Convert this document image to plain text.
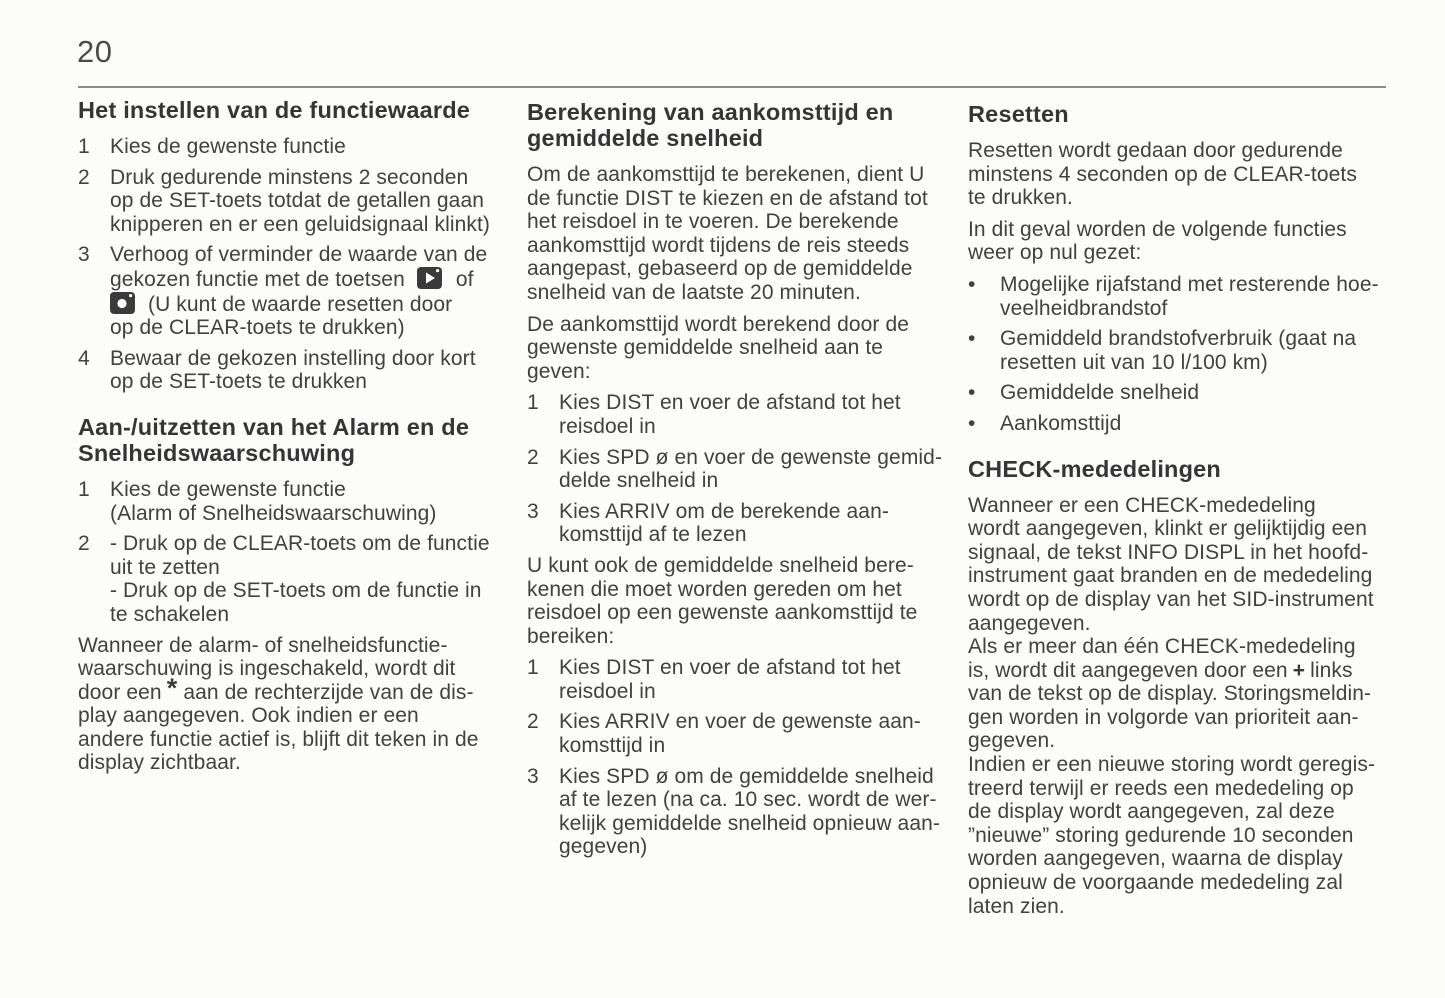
20
Het instellen van de functiewaarde
1 Kies de gewenste functie
2 Druk gedurende minstens 2 seconden
op de SET-toets totdat de getallen gaan
knipperen en er een geluidsignaal klinkt)
3 Verhoog of verminder de waarde van de
gekozen functie met de toetsen of
(U kunt de waarde resetten door
op de CLEAR-toets te drukken)
4 Bewaar de gekozen instelling door kort
op de SET-toets te drukken
Aan-/uitzetten van het Alarm en de
Snelheidswaarschuwing
1 Kies de gewenste functie
(Alarm of Snelheidswaarschuwing)
2 - Druk op de CLEAR-toets om de functie
uit te zetten
- Druk op de SET-toets om de functie in
te schakelen
Wanneer de alarm- of snelheidsfunctie-
waarschuwing is ingeschakeld, wordt dit
door een * aan de rechterzijde van de dis-
play aangegeven. Ook indien er een
andere functie actief is, blijft dit teken in de
display zichtbaar.
Berekening van aankomsttijd en
gemiddelde snelheid
Om de aankomsttijd te berekenen, dient U
de functie DIST te kiezen en de afstand tot
het reisdoel in te voeren. De berekende
aankomsttijd wordt tijdens de reis steeds
aangepast, gebaseerd op de gemiddelde
snelheid van de laatste 20 minuten.
De aankomsttijd wordt berekend door de
gewenste gemiddelde snelheid aan te
geven:
1 Kies DIST en voer de afstand tot het
reisdoel in
2 Kies SPD ø en voer de gewenste gemid-
delde snelheid in
3 Kies ARRIV om de berekende aan-
komsttijd af te lezen
U kunt ook de gemiddelde snelheid bere-
kenen die moet worden gereden om het
reisdoel op een gewenste aankomsttijd te
bereiken:
1 Kies DIST en voer de afstand tot het
reisdoel in
2 Kies ARRIV en voer de gewenste aan-
komsttijd in
3 Kies SPD ø om de gemiddelde snelheid
af te lezen (na ca. 10 sec. wordt de wer-
kelijk gemiddelde snelheid opnieuw aan-
gegeven)
Resetten
Resetten wordt gedaan door gedurende
minstens 4 seconden op de CLEAR-toets
te drukken.
In dit geval worden de volgende functies
weer op nul gezet:
•	Mogelijke rijafstand met resterende hoe-
veelheidbrandstof
•	Gemiddeld brandstofverbruik (gaat na
resetten uit van 10 l/100 km)
•	Gemiddelde snelheid
•	Aankomsttijd
CHECK-mededelingen
Wanneer er een CHECK-mededeling
wordt aangegeven, klinkt er gelijktijdig een
signaal, de tekst INFO DISPL in het hoofd-
instrument gaat branden en de mededeling
wordt op de display van het SID-instrument
aangegeven.
Als er meer dan één CHECK-mededeling
is, wordt dit aangegeven door een + links
van de tekst op de display. Storingsmeldin-
gen worden in volgorde van prioriteit aan-
gegeven.
Indien er een nieuwe storing wordt geregis-
treerd terwijl er reeds een mededeling op
de display wordt aangegeven, zal deze
”nieuwe” storing gedurende 10 seconden
worden aangegeven, waarna de display
opnieuw de voorgaande mededeling zal
laten zien.
